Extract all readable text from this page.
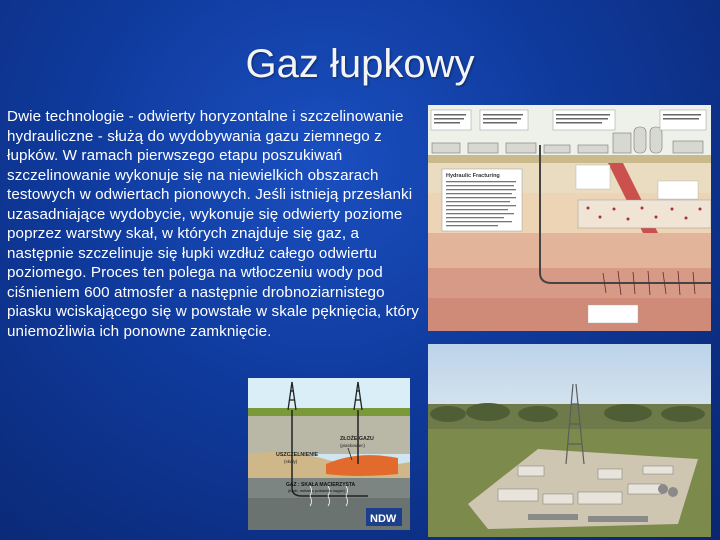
Gaz łupkowy
Dwie technologie - odwierty horyzontalne i szczelinowanie hydrauliczne - służą do wydobywania gazu ziemnego z łupków. W ramach pierwszego etapu poszukiwań szczelinowanie wykonuje się na niewielkich obszarach testowych w odwiertach pionowych. Jeśli istnieją przesłanki uzasadniające wydobycie, wykonuje się odwierty poziome poprzez warstwy skał, w których znajduje się gaz, a następnie szczelinuje się łupki wzdłuż całego odwiertu poziomego. Proces ten polega na wtłoczeniu wody pod ciśnieniem 600 atmosfer a następnie drobnoziarnistego piasku wciskającego się w powstałe w skale pęknięcia, który uniemożliwia ich ponowne zamknięcie.
Hydraulic Fracturing
USZCZELNIENIE
(skały)
ZŁOŻE GAZU
(piaskowiec)
GAZ : SKAŁA MACIERZYSTA
(łupki, metan z pokładów węgla)
NDW
